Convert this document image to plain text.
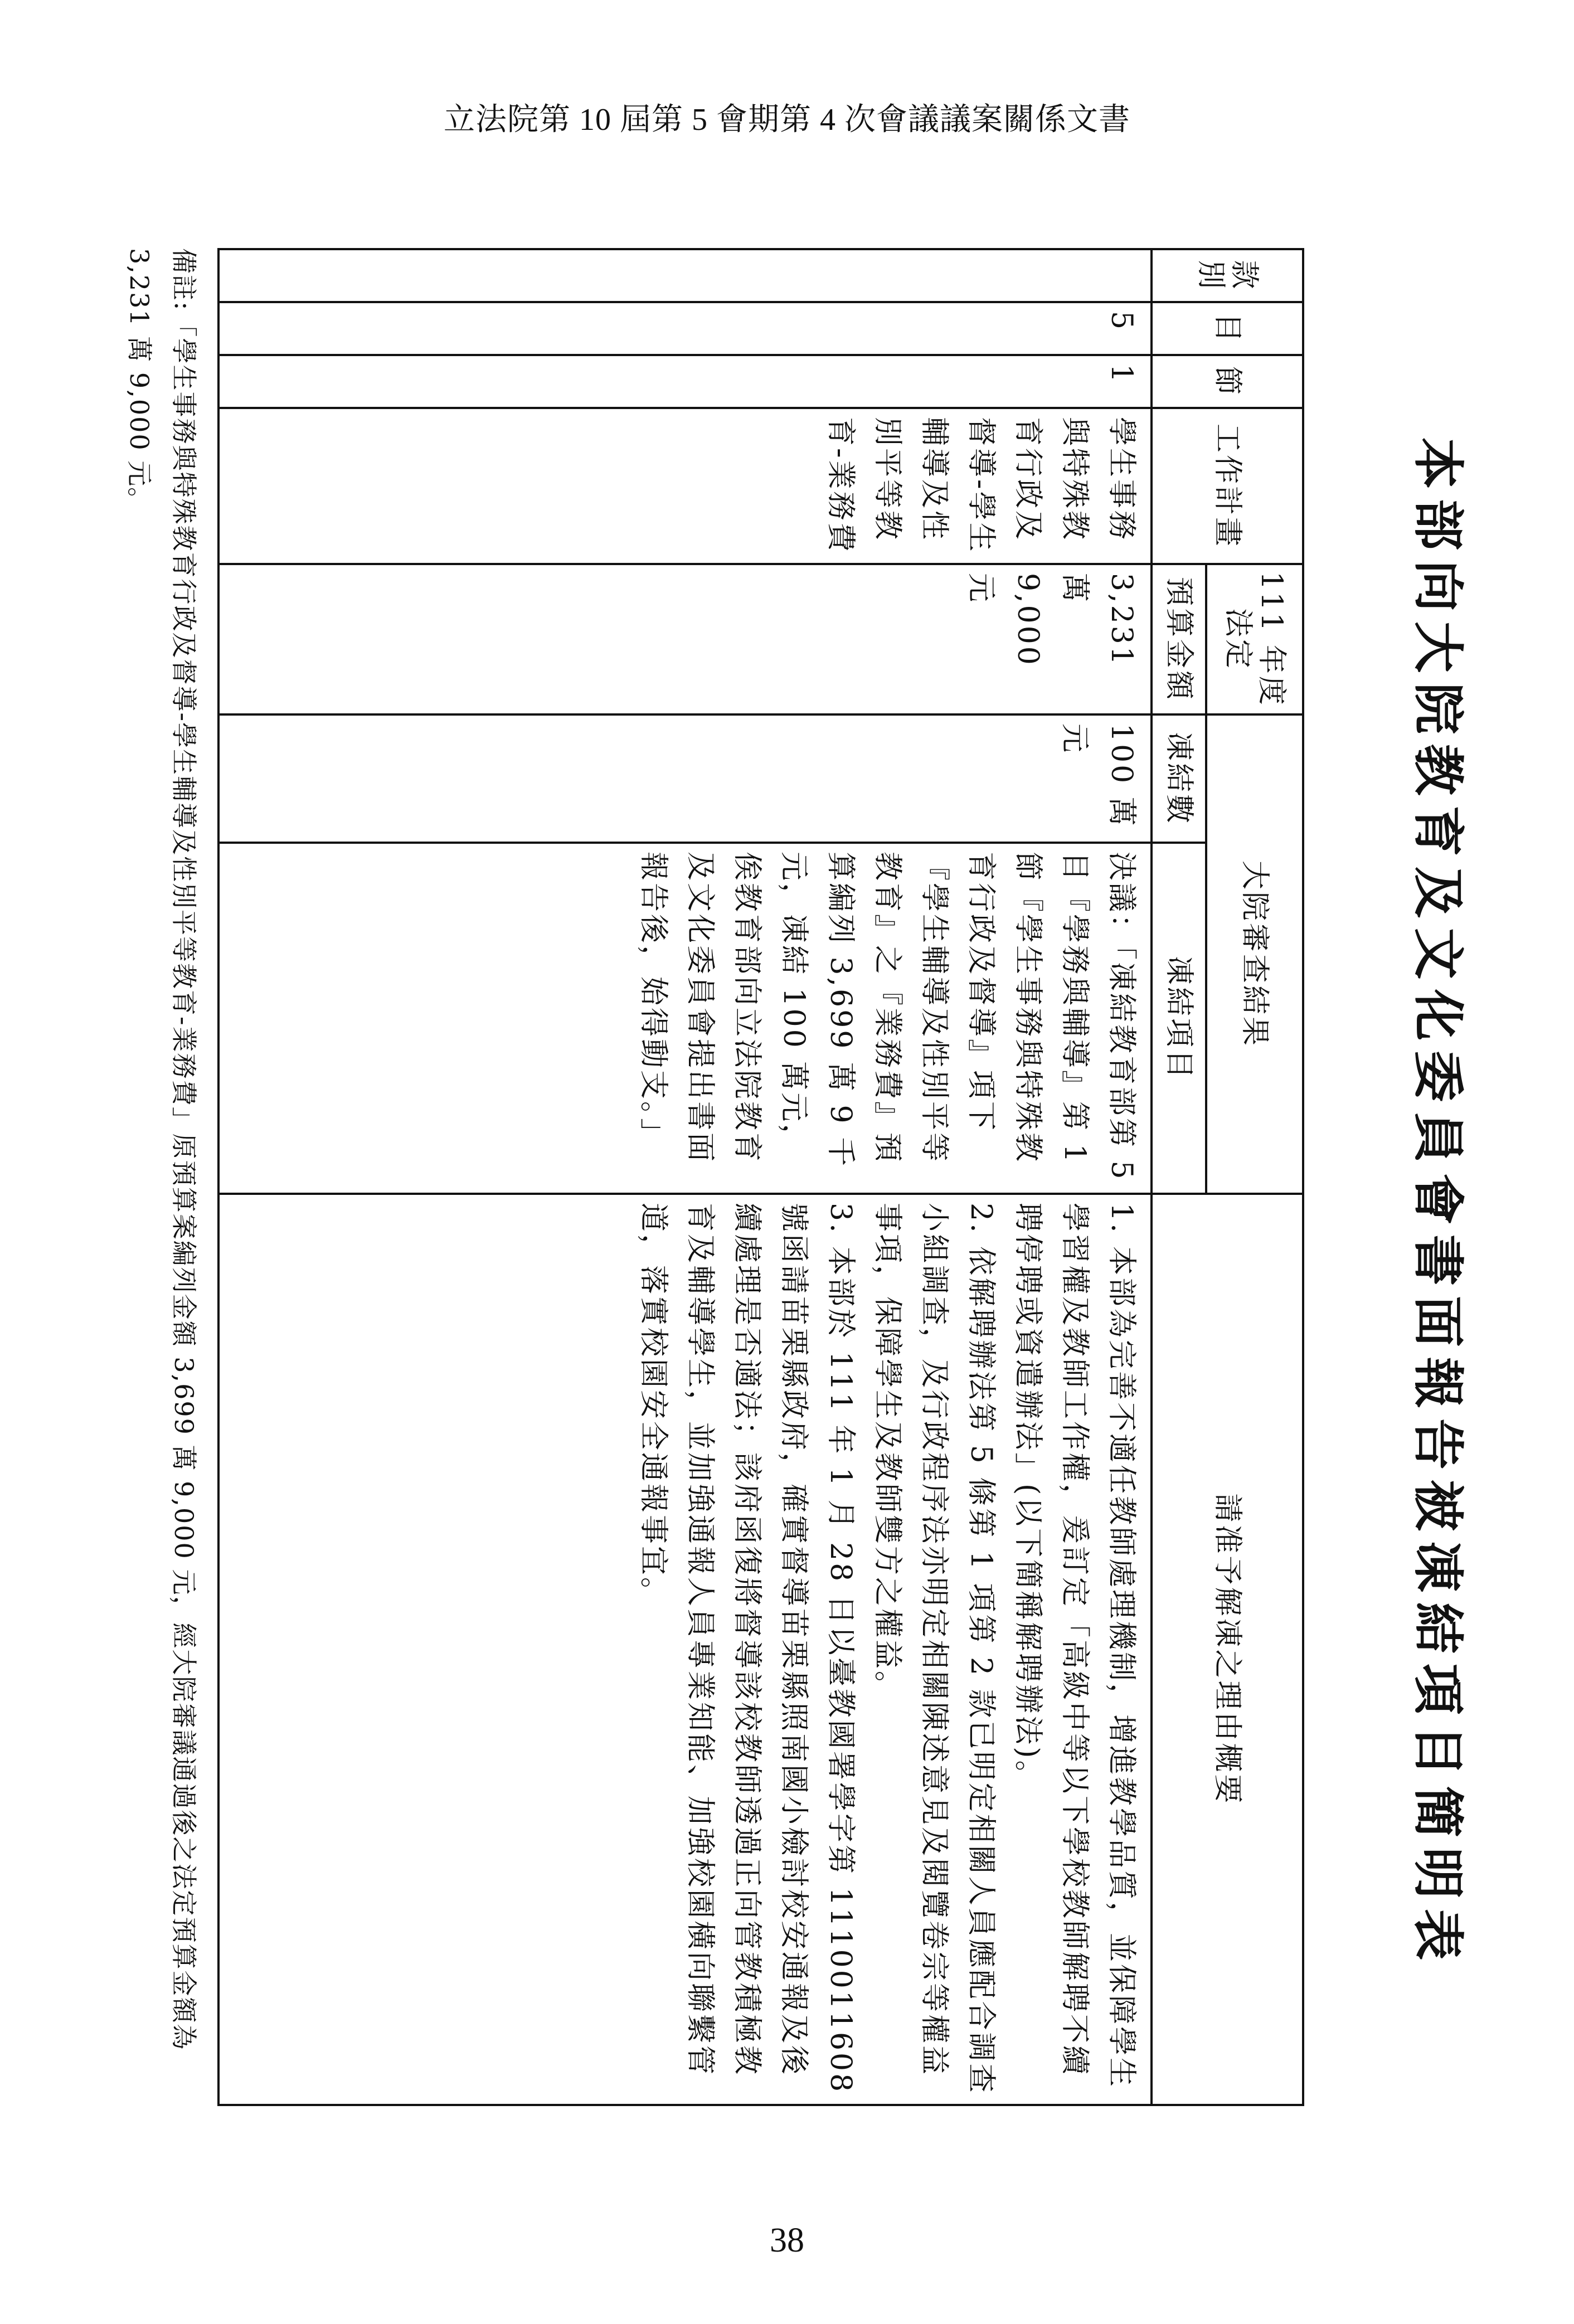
立法院第 10 屆第 5 會期第 4 次會議議案關係文書
本部向大院教育及文化委員會書面報告被凍結項目簡明表
款別	目	節	工作計畫	111 年度法定	大院審查結果		請准予解凍之理由概要
				預算金額	凍結數	凍結項目	
	5	1	學生事務與特殊教育行政及督導-學生輔導及性別平等教育-業務費	3,231 萬 9,000 元	100 萬元	決議：「凍結教育部第 5 目『學務與輔導』第 1 節『學生事務與特殊教育行政及督導』項下『學生輔導及性別平等教育』之『業務費』預算編列 3,699 萬 9 千元，凍結 100 萬元，俟教育部向立法院教育及文化委員會提出書面報告後，始得動支。」	1. 本部為完善不適任教師處理機制，增進教學品質，並保障學生學習權及教師工作權，爰訂定「高級中等以下學校教師解聘不續聘停聘或資遣辦法」(以下簡稱解聘辦法)。

2. 依解聘辦法第 5 條第 1 項第 2 款已明定相關人員應配合調查小組調查，及行政程序法亦明定相關陳述意見及閱覽卷宗等權益事項，保障學生及教師雙方之權益。

3. 本部於 111 年 1 月 28 日以臺教國署學字第 1110011608 號函請苗栗縣政府，確實督導苗栗縣照南國小檢討校安通報及後續處理是否適法；該府函復將督導該校教師透過正向管教積極教育及輔導學生，並加強通報人員專業知能、加強校園橫向聯繫管道，落實校園安全通報事宜。

備註:「學生事務與特殊教育行政及督導-學生輔導及性別平等教育-業務費」原預算案編列金額 3,699 萬 9,000 元，經大院審議通過後之法定預算金額為 3,231 萬 9,000 元。
38
